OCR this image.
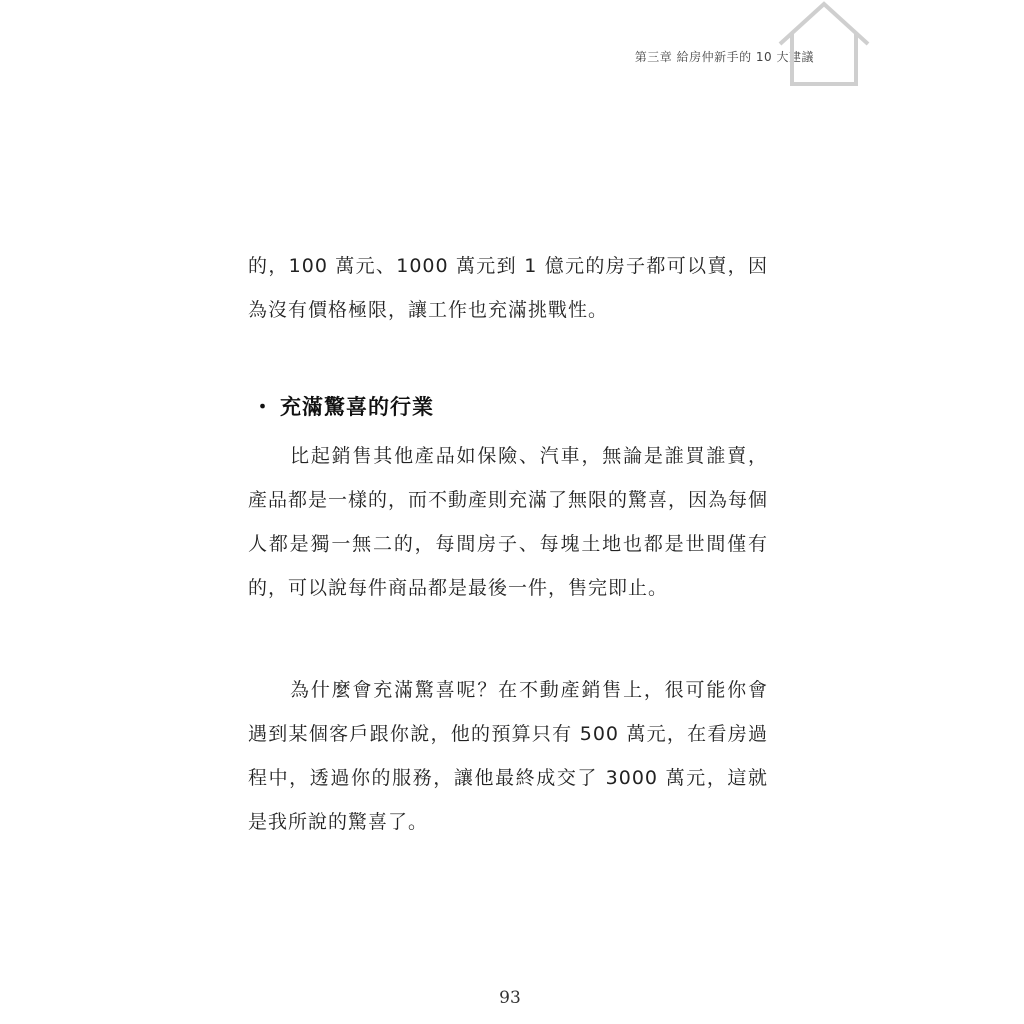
第三章 給房仲新手的 10 大建議

的，100 萬元、1000 萬元到 1 億元的房子都可以賣，因為沒有價格極限，讓工作也充滿挑戰性。

・ 充滿驚喜的行業

比起銷售其他產品如保險、汽車，無論是誰買誰賣，產品都是一樣的，而不動產則充滿了無限的驚喜，因為每個人都是獨一無二的，每間房子、每塊土地也都是世間僅有的，可以說每件商品都是最後一件，售完即止。

為什麼會充滿驚喜呢？在不動產銷售上，很可能你會遇到某個客戶跟你說，他的預算只有 500 萬元，在看房過程中，透過你的服務，讓他最終成交了 3000 萬元，這就是我所說的驚喜了。

93
